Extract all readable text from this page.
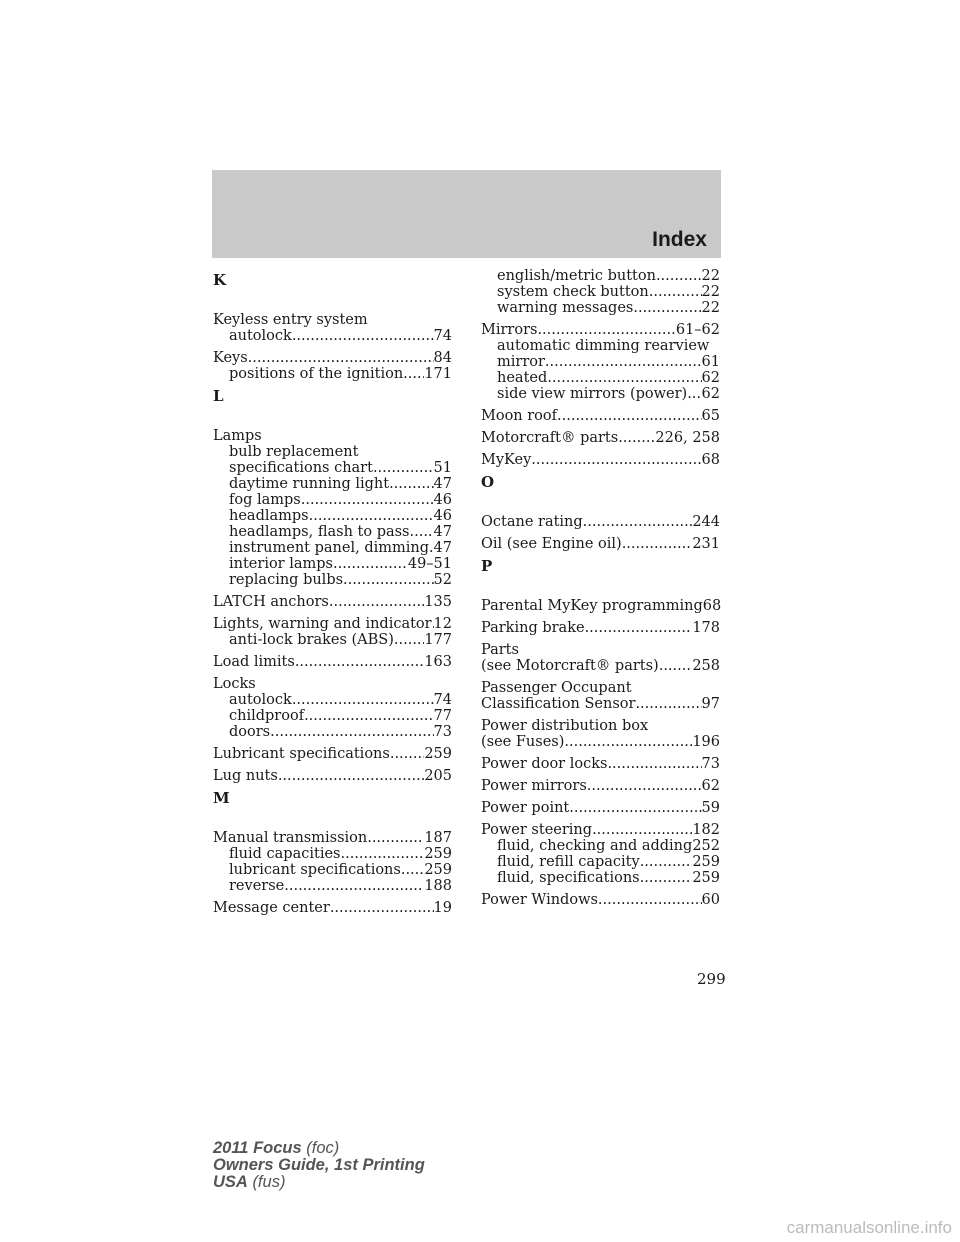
Index
K
Keyless entry system
autolock .....	74
Keys .....	84
positions of the ignition ..... 171
L
Lamps
bulb replacement
specifications chart .....	51
daytime running light .....	47
fog lamps .....	46
headlamps .....	46
headlamps, flash to pass ..... 47
instrument panel, dimming ..... 47
interior lamps .....	49–51
replacing bulbs .....	52
LATCH anchors .....	135
Lights, warning and indicator ..... 12
anti-lock brakes (ABS) ..... 177
Load limits .....	163
Locks
autolock .....	74
childproof .....	77
doors .....	73
Lubricant specifications ..... 259
Lug nuts .....	205
M
Manual transmission .....	187
fluid capacities .....	259
lubricant specifications ..... 259
reverse .....	188
Message center .....	19
english/metric button .....	22
system check button .....	22
warning messages .....	22
Mirrors .....	61–62
automatic dimming rearview
mirror .....	61
heated .....	62
side view mirrors (power) ..... 62
Moon roof .....	65
Motorcraft® parts .....	226, 258
MyKey .....	68
O
Octane rating .....	244
Oil (see Engine oil) .....	231
P
Parental MyKey programming 68
Parking brake .....	178
Parts
(see Motorcraft® parts) ..... 258
Passenger Occupant
Classification Sensor .....	97
Power distribution box
(see Fuses) .....	196
Power door locks .....	73
Power mirrors .....	62
Power point .....	59
Power steering .....	182
fluid, checking and adding 252
fluid, refill capacity .....	259
fluid, specifications .....	259
Power Windows .....	60
299
2011 Focus (foc)
Owners Guide, 1st Printing
USA (fus)
carmanualsonline.info
